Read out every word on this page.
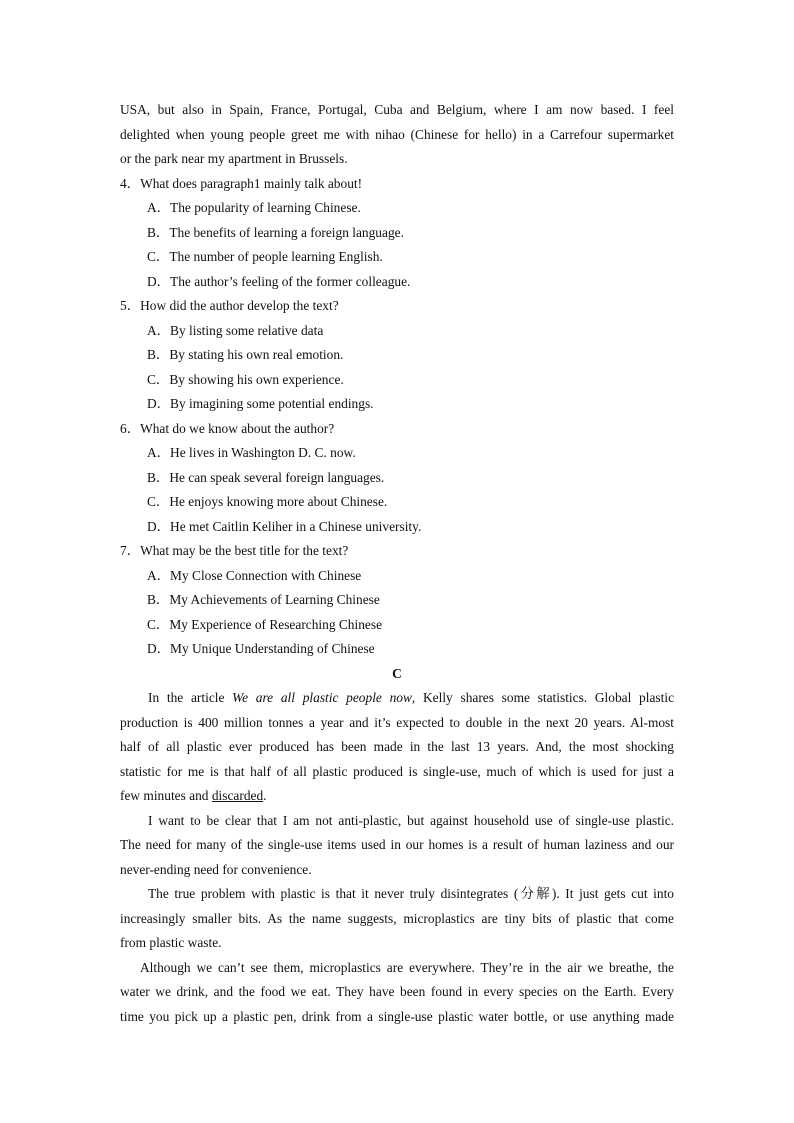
USA, but also in Spain, France, Portugal, Cuba and Belgium, where I am now based. I feel
delighted when young people greet me with nihao (Chinese for hello) in a Carrefour supermarket
or the park near my apartment in Brussels.
4．What does paragraph1 mainly talk about!
A．The popularity of learning Chinese.
B．The benefits of learning a foreign language.
C．The number of people learning English.
D．The author’s feeling of the former colleague.
5．How did the author develop the text?
A．By listing some relative data
B．By stating his own real emotion.
C．By showing his own experience.
D．By imagining some potential endings.
6．What do we know about the author?
A．He lives in Washington D. C. now.
B．He can speak several foreign languages.
C．He enjoys knowing more about Chinese.
D．He met Caitlin Keliher in a Chinese university.
7．What may be the best title for the text?
A．My Close Connection with Chinese
B．My Achievements of Learning Chinese
C．My Experience of Researching Chinese
D．My Unique Understanding of Chinese
C
In the article We are all plastic people now, Kelly shares some statistics. Global plastic
production is 400 million tonnes a year and it’s expected to double in the next 20 years. Al-most
half of all plastic ever produced has been made in the last 13 years. And, the most shocking
statistic for me is that half of all plastic produced is single-use, much of which is used for just a
few minutes and discarded.
I want to be clear that I am not anti-plastic, but against household use of single-use plastic.
The need for many of the single-use items used in our homes is a result of human laziness and our
never-ending need for convenience.
The true problem with plastic is that it never truly disintegrates (分解). It just gets cut into
increasingly smaller bits. As the name suggests, microplastics are tiny bits of plastic that come
from plastic waste.
Although we can’t see them, microplastics are everywhere. They’re in the air we breathe, the
water we drink, and the food we eat. They have been found in every species on the Earth. Every
time you pick up a plastic pen, drink from a single-use plastic water bottle, or use anything made
